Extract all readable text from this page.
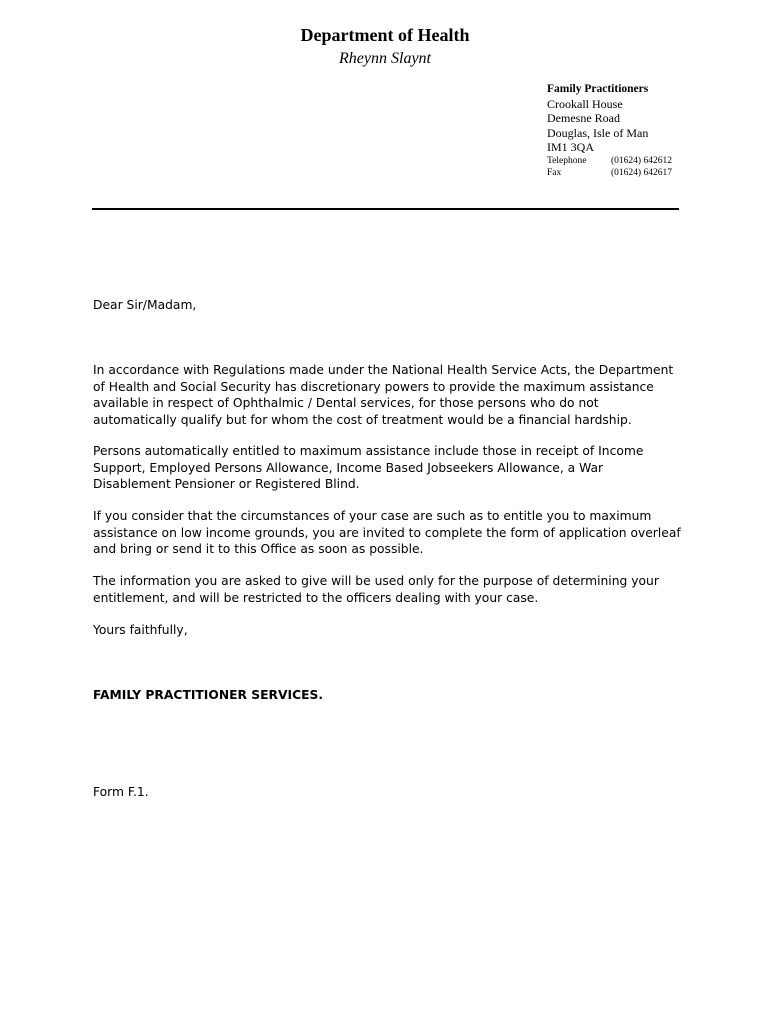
Department of Health
Rheynn Slaynt
Family Practitioners
Crookall House
Demesne Road
Douglas, Isle of Man
IM1 3QA
Telephone	(01624) 642612
Fax	(01624) 642617

Dear Sir/Madam,

In accordance with Regulations made under the National Health Service Acts, the Department of Health and Social Security has discretionary powers to provide the maximum assistance available in respect of Ophthalmic / Dental services, for those persons who do not automatically qualify but for whom the cost of treatment would be a financial hardship.

Persons automatically entitled to maximum assistance include those in receipt of Income Support, Employed Persons Allowance, Income Based Jobseekers Allowance, a War Disablement Pensioner or Registered Blind.

If you consider that the circumstances of your case are such as to entitle you to maximum assistance on low income grounds, you are invited to complete the form of application overleaf and bring or send it to this Office as soon as possible.

The information you are asked to give will be used only for the purpose of determining your entitlement, and will be restricted to the officers dealing with your case.

Yours faithfully,

FAMILY PRACTITIONER SERVICES.

Form F.1.
